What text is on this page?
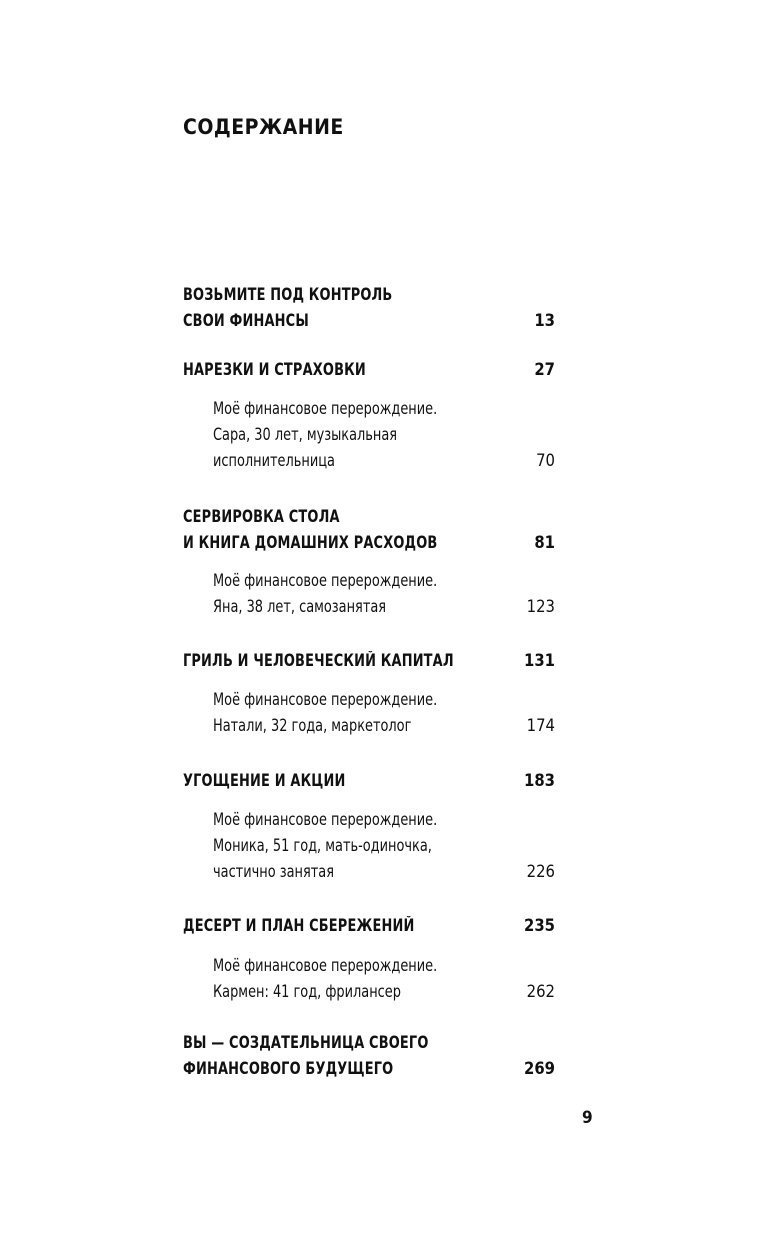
СОДЕРЖАНИЕ
ВОЗЬМИТЕ ПОД КОНТРОЛЬ
СВОИ ФИНАНСЫ	13
НАРЕЗКИ И СТРАХОВКИ	27
Моё финансовое перерождение.
Сара, 30 лет, музыкальная
исполнительница	70
СЕРВИРОВКА СТОЛА
И КНИГА ДОМАШНИХ РАСХОДОВ	81
Моё финансовое перерождение.
Яна, 38 лет, самозанятая	123
ГРИЛЬ И ЧЕЛОВЕЧЕСКИЙ КАПИТАЛ	131
Моё финансовое перерождение.
Натали, 32 года, маркетолог	174
УГОЩЕНИЕ И АКЦИИ	183
Моё финансовое перерождение.
Моника, 51 год, мать-одиночка,
частично занятая	226
ДЕСЕРТ И ПЛАН СБЕРЕЖЕНИЙ	235
Моё финансовое перерождение.
Кармен: 41 год, фрилансер	262
ВЫ — СОЗДАТЕЛЬНИЦА СВОЕГО
ФИНАНСОВОГО БУДУЩЕГО	269
9
